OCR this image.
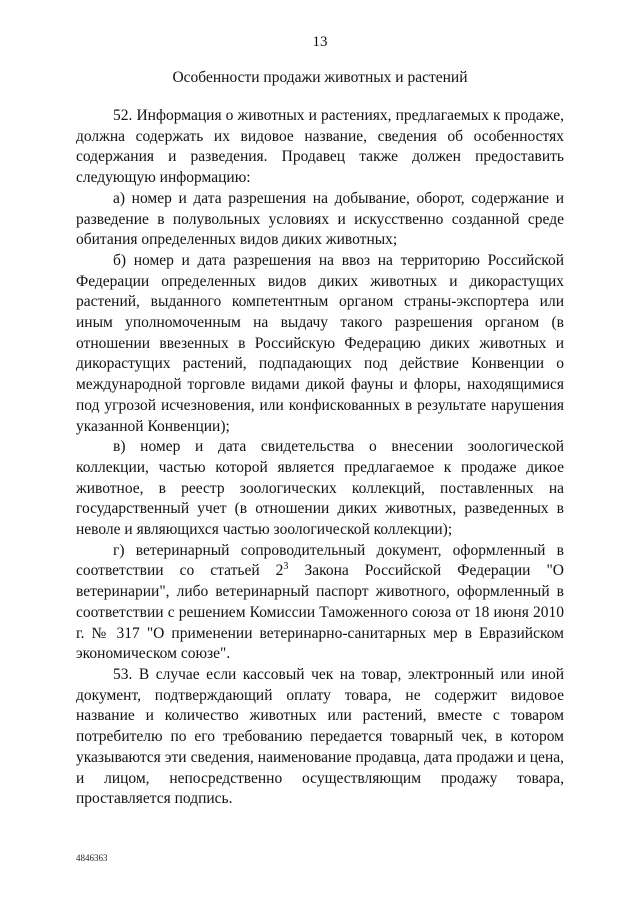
13
Особенности продажи животных и растений

52. Информация о животных и растениях, предлагаемых к продаже, должна содержать их видовое название, сведения об особенностях содержания и разведения. Продавец также должен предоставить следующую информацию:

а) номер и дата разрешения на добывание, оборот, содержание и разведение в полувольных условиях и искусственно созданной среде обитания определенных видов диких животных;

б) номер и дата разрешения на ввоз на территорию Российской Федерации определенных видов диких животных и дикорастущих растений, выданного компетентным органом страны-экспортера или иным уполномоченным на выдачу такого разрешения органом (в отношении ввезенных в Российскую Федерацию диких животных и дикорастущих растений, подпадающих под действие Конвенции о международной торговле видами дикой фауны и флоры, находящимися под угрозой исчезновения, или конфискованных в результате нарушения указанной Конвенции);

в) номер и дата свидетельства о внесении зоологической коллекции, частью которой является предлагаемое к продаже дикое животное, в реестр зоологических коллекций, поставленных на государственный учет (в отношении диких животных, разведенных в неволе и являющихся частью зоологической коллекции);

г) ветеринарный сопроводительный документ, оформленный в соответствии со статьей $2^3$ Закона Российской Федерации "О ветеринарии", либо ветеринарный паспорт животного, оформленный в соответствии с решением Комиссии Таможенного союза от 18 июня 2010 г. № 317 "О применении ветеринарно-санитарных мер в Евразийском экономическом союзе".

53. В случае если кассовый чек на товар, электронный или иной документ, подтверждающий оплату товара, не содержит видовое название и количество животных или растений, вместе с товаром потребителю по его требованию передается товарный чек, в котором указываются эти сведения, наименование продавца, дата продажи и цена, и лицом, непосредственно осуществляющим продажу товара, проставляется подпись.

4846363
